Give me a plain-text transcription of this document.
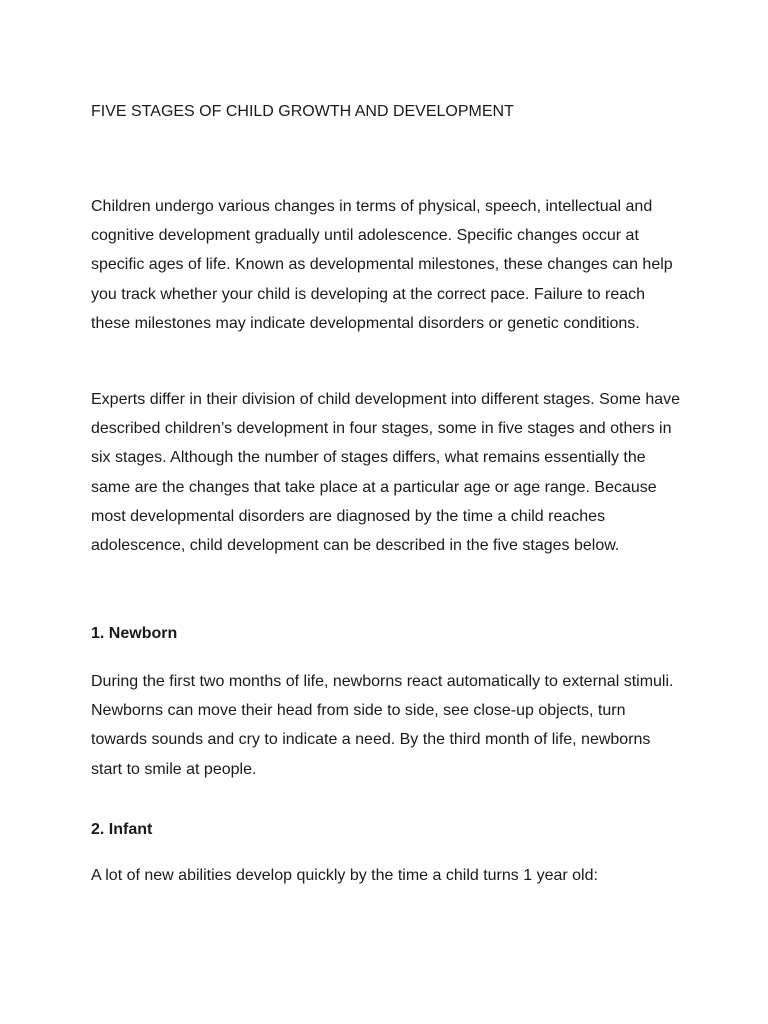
FIVE STAGES OF CHILD GROWTH AND DEVELOPMENT

Children undergo various changes in terms of physical, speech, intellectual and cognitive development gradually until adolescence. Specific changes occur at specific ages of life. Known as developmental milestones, these changes can help you track whether your child is developing at the correct pace. Failure to reach these milestones may indicate developmental disorders or genetic conditions.

Experts differ in their division of child development into different stages. Some have described children’s development in four stages, some in five stages and others in six stages. Although the number of stages differs, what remains essentially the same are the changes that take place at a particular age or age range. Because most developmental disorders are diagnosed by the time a child reaches adolescence, child development can be described in the five stages below.

1. Newborn

During the first two months of life, newborns react automatically to external stimuli. Newborns can move their head from side to side, see close-up objects, turn towards sounds and cry to indicate a need. By the third month of life, newborns start to smile at people.

2. Infant

A lot of new abilities develop quickly by the time a child turns 1 year old:
